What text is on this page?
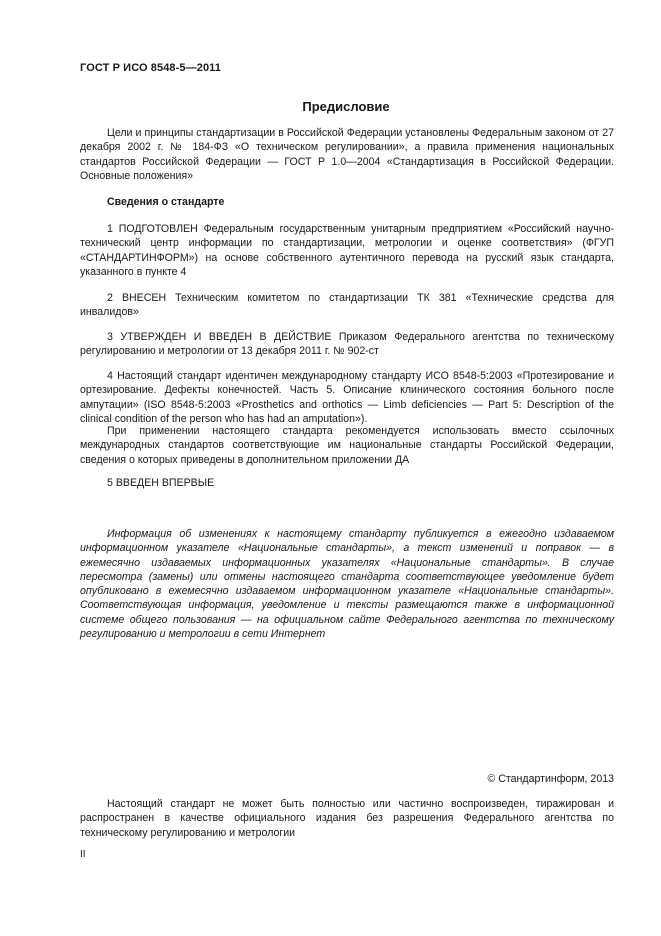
ГОСТ Р ИСО 8548-5—2011
Предисловие
Цели и принципы стандартизации в Российской Федерации установлены Федеральным законом от 27 декабря 2002 г. № 184-ФЗ «О техническом регулировании», а правила применения национальных стандартов Российской Федерации — ГОСТ Р 1.0—2004 «Стандартизация в Российской Федерации. Основные положения»
Сведения о стандарте
1 ПОДГОТОВЛЕН Федеральным государственным унитарным предприятием «Российский научно-технический центр информации по стандартизации, метрологии и оценке соответствия» (ФГУП «СТАНДАРТИНФОРМ») на основе собственного аутентичного перевода на русский язык стандарта, указанного в пункте 4
2 ВНЕСЕН Техническим комитетом по стандартизации ТК 381 «Технические средства для инвалидов»
3 УТВЕРЖДЕН И ВВЕДЕН В ДЕЙСТВИЕ Приказом Федерального агентства по техническому регулированию и метрологии от 13 декабря 2011 г. № 902-ст
4 Настоящий стандарт идентичен международному стандарту ИСО 8548-5:2003 «Протезирование и ортезирование. Дефекты конечностей. Часть 5. Описание клинического состояния больного после ампутации» (ISO 8548-5:2003 «Prosthetics and orthotics — Limb deficiencies — Part 5: Description of the clinical condition of the person who has had an amputation»).
При применении настоящего стандарта рекомендуется использовать вместо ссылочных международных стандартов соответствующие им национальные стандарты Российской Федерации, сведения о которых приведены в дополнительном приложении ДА
5 ВВЕДЕН ВПЕРВЫЕ
Информация об изменениях к настоящему стандарту публикуется в ежегодно издаваемом информационном указателе «Национальные стандарты», а текст изменений и поправок — в ежемесячно издаваемых информационных указателях «Национальные стандарты». В случае пересмотра (замены) или отмены настоящего стандарта соответствующее уведомление будет опубликовано в ежемесячно издаваемом информационном указателе «Национальные стандарты». Соответствующая информация, уведомление и тексты размещаются также в информационной системе общего пользования — на официальном сайте Федерального агентства по техническому регулированию и метрологии в сети Интернет
© Стандартинформ, 2013
Настоящий стандарт не может быть полностью или частично воспроизведен, тиражирован и распространен в качестве официального издания без разрешения Федерального агентства по техническому регулированию и метрологии
II
